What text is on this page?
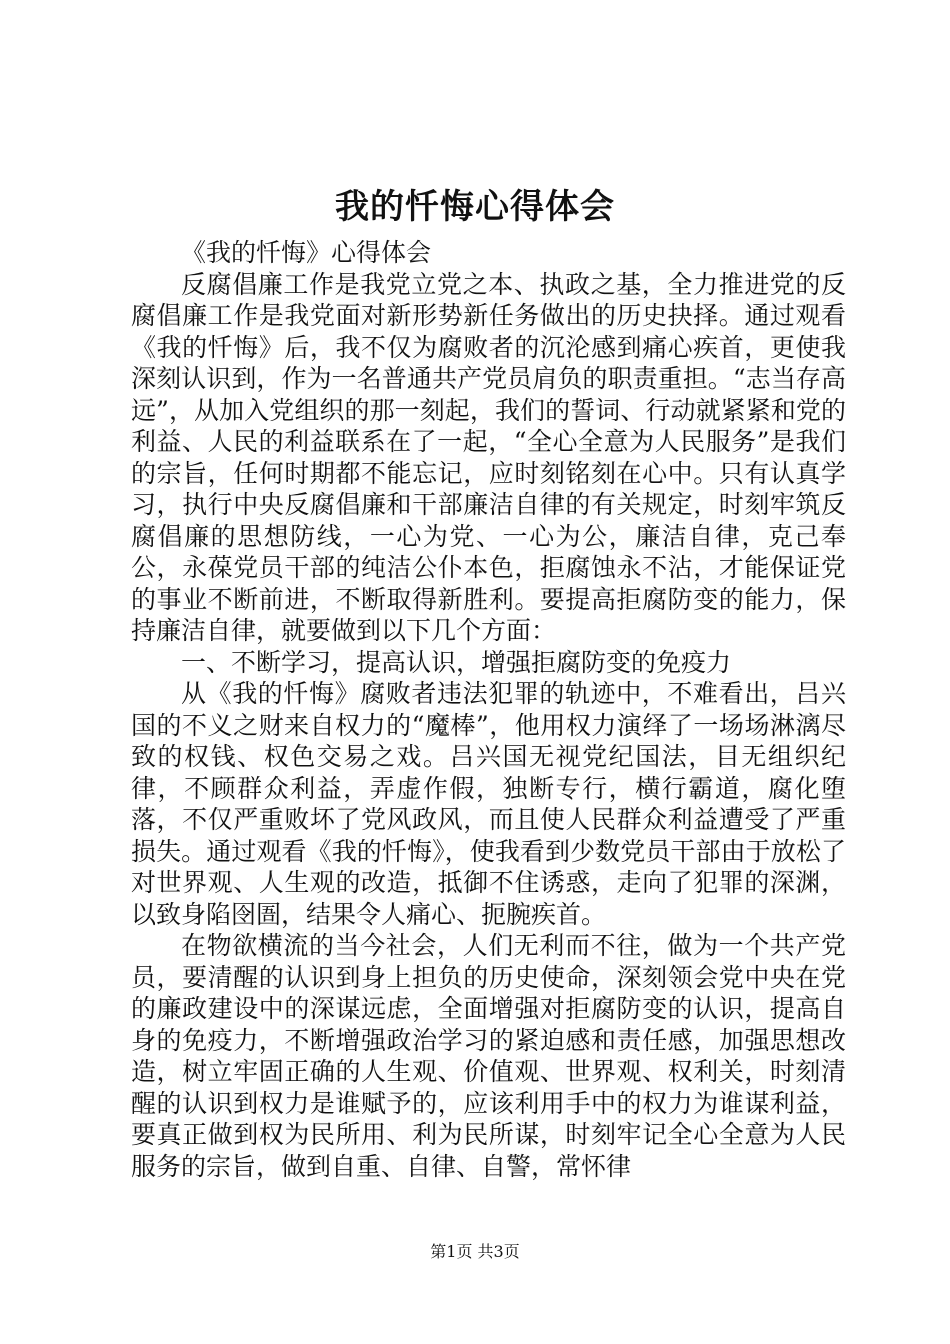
我的忏悔心得体会

《我的忏悔》心得体会

反腐倡廉工作是我党立党之本、执政之基，全力推进党的反腐倡廉工作是我党面对新形势新任务做出的历史抉择。通过观看《我的忏悔》后，我不仅为腐败者的沉沦感到痛心疾首，更使我深刻认识到，作为一名普通共产党员肩负的职责重担。“志当存高远”，从加入党组织的那一刻起，我们的誓词、行动就紧紧和党的利益、人民的利益联系在了一起，“全心全意为人民服务”是我们的宗旨，任何时期都不能忘记，应时刻铭刻在心中。只有认真学习，执行中央反腐倡廉和干部廉洁自律的有关规定，时刻牢筑反腐倡廉的思想防线，一心为党、一心为公，廉洁自律，克己奉公，永葆党员干部的纯洁公仆本色，拒腐蚀永不沾，才能保证党的事业不断前进，不断取得新胜利。要提高拒腐防变的能力，保持廉洁自律，就要做到以下几个方面：

一、不断学习，提高认识，增强拒腐防变的免疫力

从《我的忏悔》腐败者违法犯罪的轨迹中，不难看出，吕兴国的不义之财来自权力的“魔棒”，他用权力演绎了一场场淋漓尽致的权钱、权色交易之戏。吕兴国无视党纪国法，目无组织纪律，不顾群众利益，弄虚作假，独断专行，横行霸道，腐化堕落，不仅严重败坏了党风政风，而且使人民群众利益遭受了严重损失。通过观看《我的忏悔》，使我看到少数党员干部由于放松了对世界观、人生观的改造，抵御不住诱惑，走向了犯罪的深渊，以致身陷囹圄，结果令人痛心、扼腕疾首。

在物欲横流的当今社会，人们无利而不往，做为一个共产党员，要清醒的认识到身上担负的历史使命，深刻领会党中央在党的廉政建设中的深谋远虑，全面增强对拒腐防变的认识，提高自身的免疫力，不断增强政治学习的紧迫感和责任感，加强思想改造，树立牢固正确的人生观、价值观、世界观、权利关，时刻清醒的认识到权力是谁赋予的，应该利用手中的权力为谁谋利益，要真正做到权为民所用、利为民所谋，时刻牢记全心全意为人民服务的宗旨，做到自重、自律、自警，常怀律

第1页 共3页
